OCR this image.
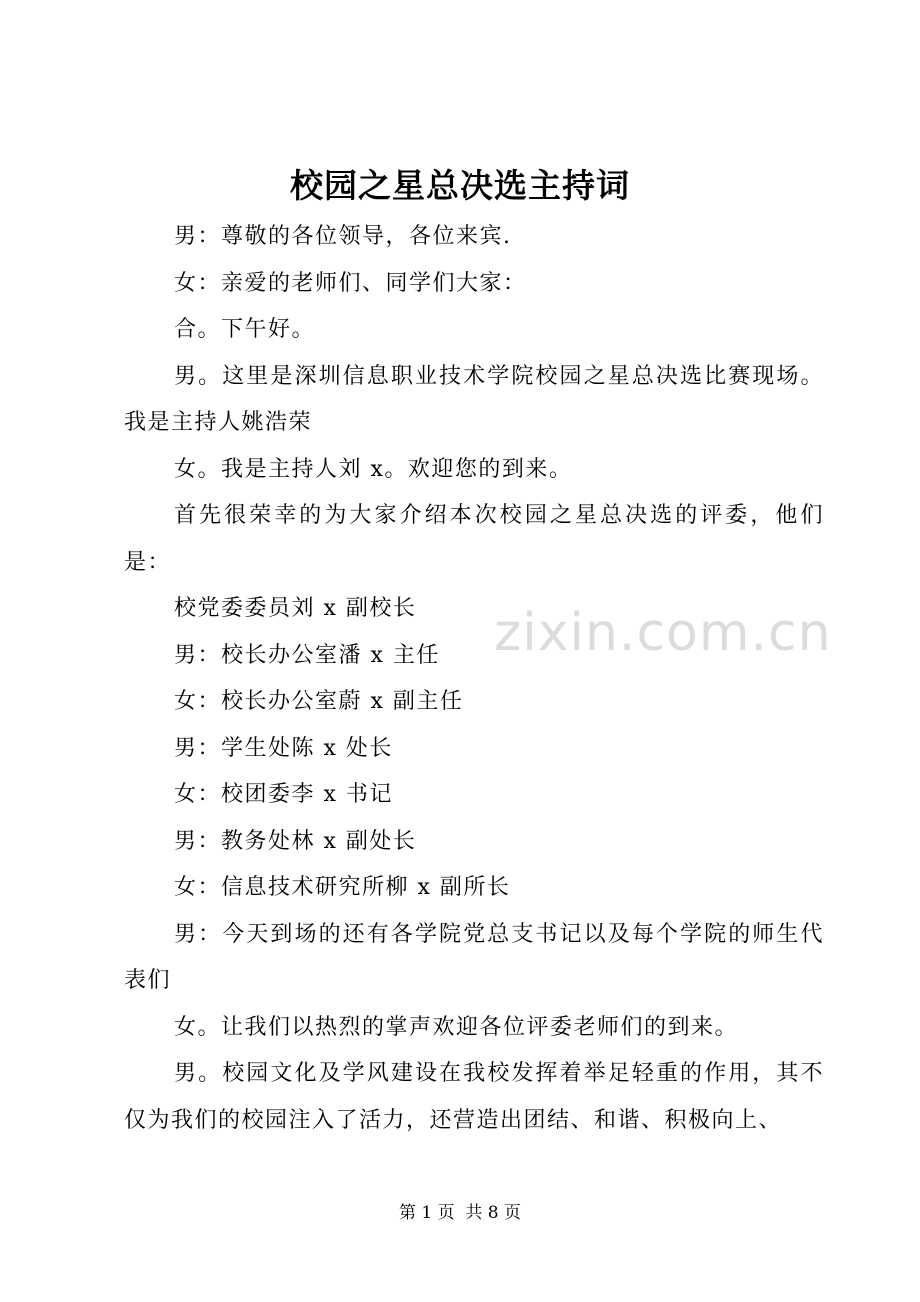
校园之星总决选主持词

男：尊敬的各位领导，各位来宾.

女：亲爱的老师们、同学们大家：

合。下午好。

男。这里是深圳信息职业技术学院校园之星总决选比赛现场。我是主持人姚浩荣

女。我是主持人刘 x。欢迎您的到来。

首先很荣幸的为大家介绍本次校园之星总决选的评委，他们是：

校党委委员刘 x 副校长

男：校长办公室潘 x 主任

女：校长办公室蔚 x 副主任

男：学生处陈 x 处长

女：校团委李 x 书记

男：教务处林 x 副处长

女：信息技术研究所柳 x 副所长

男：今天到场的还有各学院党总支书记以及每个学院的师生代表们

女。让我们以热烈的掌声欢迎各位评委老师们的到来。

男。校园文化及学风建设在我校发挥着举足轻重的作用，其不仅为我们的校园注入了活力，还营造出团结、和谐、积极向上、

zixin.com.cn
第 1 页  共 8 页
